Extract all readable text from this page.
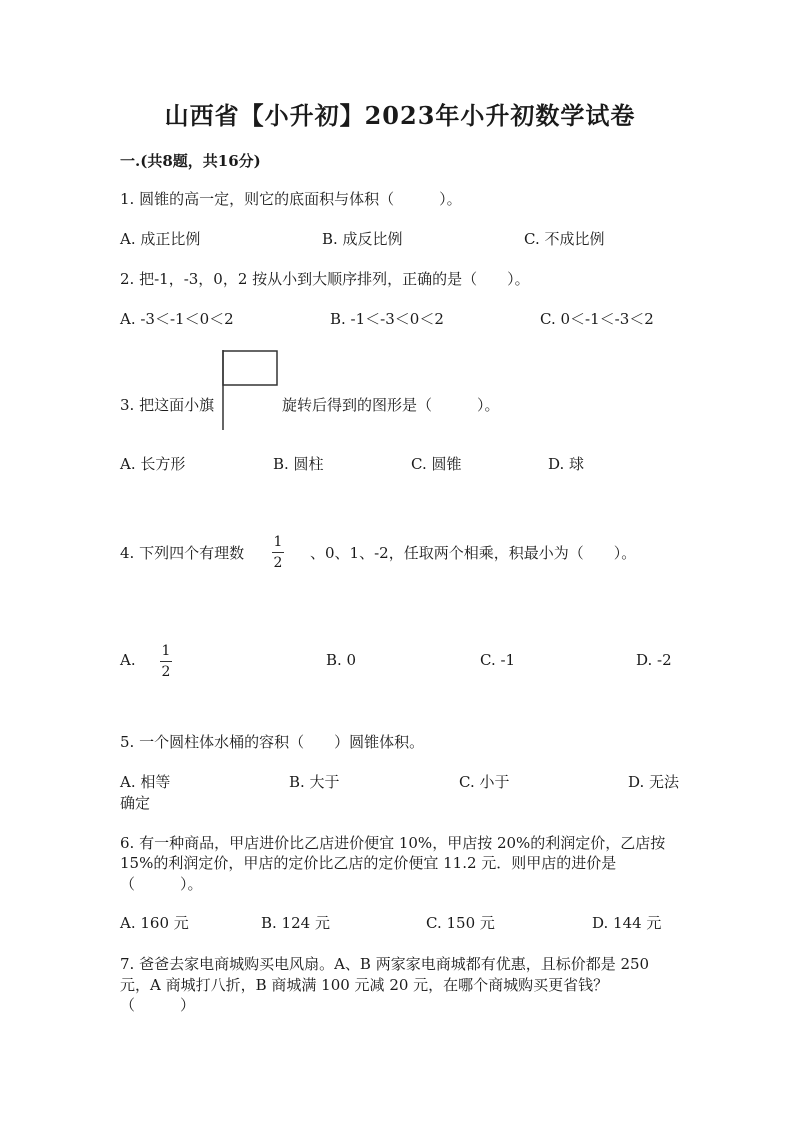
山西省【小升初】2023年小升初数学试卷
一.(共8题，共16分)
1. 圆锥的高一定，则它的底面积与体积（　　　）。
A. 成正比例	B. 成反比例	C. 不成比例
2. 把-1，-3，0，2 按从小到大顺序排列，正确的是（　　）。
A. -3＜-1＜0＜2	B. -1＜-3＜0＜2	C. 0＜-1＜-3＜2
3. 把这面小旗	旋转后得到的图形是（　　　）。
A. 长方形	B. 圆柱	C. 圆锥	D. 球
4. 下列四个有理数
1
2
、0、1、-2，任取两个相乘，积最小为（　　）。
A. 1
2
B. 0	C. -1	D. -2
5. 一个圆柱体水桶的容积（　　）圆锥体积。
A. 相等	B. 大于	C. 小于	D. 无法
确定
6. 有一种商品，甲店进价比乙店进价便宜 10%，甲店按 20%的利润定价，乙店按
15%的利润定价，甲店的定价比乙店的定价便宜 11.2 元．则甲店的进价是
（　　　）。
A. 160 元	B. 124 元	C. 150 元	D. 144 元
7. 爸爸去家电商城购买电风扇。A、B 两家家电商城都有优惠，且标价都是 250
元，A 商城打八折，B 商城满 100 元减 20 元，在哪个商城购买更省钱？
（　　　）
